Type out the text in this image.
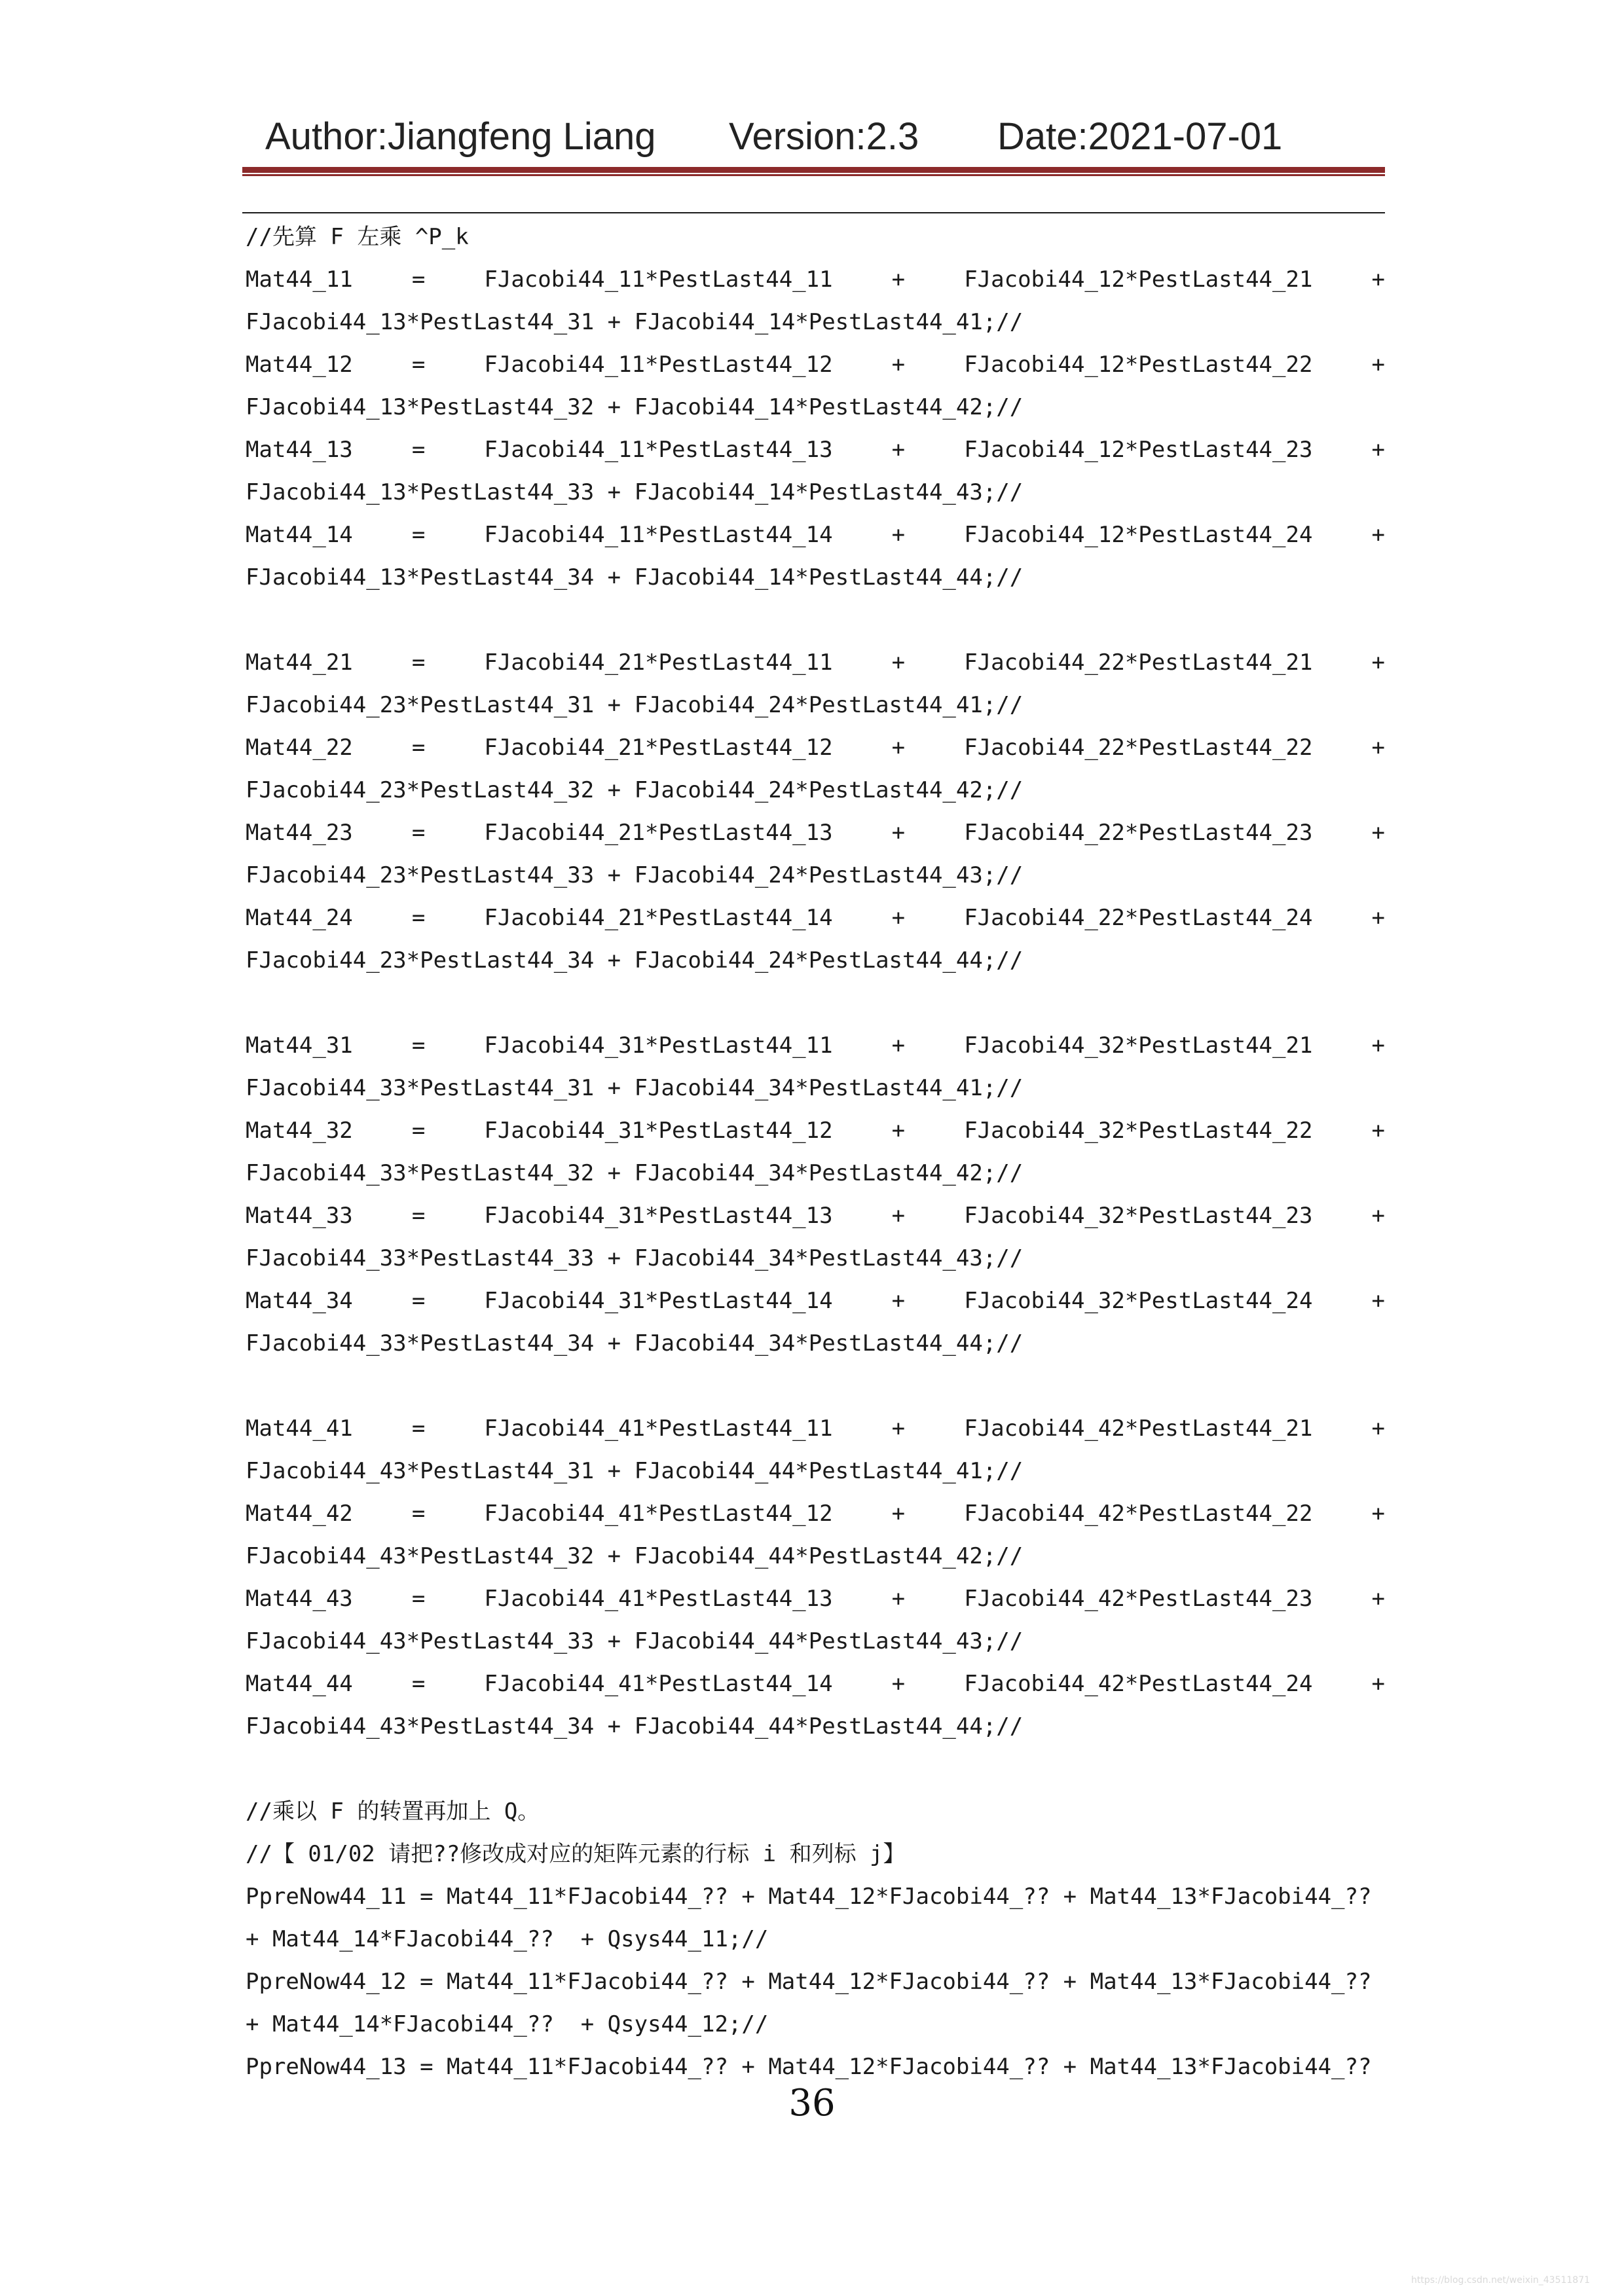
Author:Jiangfeng Liang Version:2.3 Date:2021-07-01
//先算 F 左乘 ^P_k
Mat44_11	=	FJacobi44_11*PestLast44_11	+	FJacobi44_12*PestLast44_21	+
FJacobi44_13*PestLast44_31 + FJacobi44_14*PestLast44_41;//
Mat44_12	=	FJacobi44_11*PestLast44_12	+	FJacobi44_12*PestLast44_22	+
FJacobi44_13*PestLast44_32 + FJacobi44_14*PestLast44_42;//
Mat44_13	=	FJacobi44_11*PestLast44_13	+	FJacobi44_12*PestLast44_23	+
FJacobi44_13*PestLast44_33 + FJacobi44_14*PestLast44_43;//
Mat44_14	=	FJacobi44_11*PestLast44_14	+	FJacobi44_12*PestLast44_24	+
FJacobi44_13*PestLast44_34 + FJacobi44_14*PestLast44_44;//
Mat44_21	=	FJacobi44_21*PestLast44_11	+	FJacobi44_22*PestLast44_21	+
FJacobi44_23*PestLast44_31 + FJacobi44_24*PestLast44_41;//
Mat44_22	=	FJacobi44_21*PestLast44_12	+	FJacobi44_22*PestLast44_22	+
FJacobi44_23*PestLast44_32 + FJacobi44_24*PestLast44_42;//
Mat44_23	=	FJacobi44_21*PestLast44_13	+	FJacobi44_22*PestLast44_23	+
FJacobi44_23*PestLast44_33 + FJacobi44_24*PestLast44_43;//
Mat44_24	=	FJacobi44_21*PestLast44_14	+	FJacobi44_22*PestLast44_24	+
FJacobi44_23*PestLast44_34 + FJacobi44_24*PestLast44_44;//
Mat44_31	=	FJacobi44_31*PestLast44_11	+	FJacobi44_32*PestLast44_21	+
FJacobi44_33*PestLast44_31 + FJacobi44_34*PestLast44_41;//
Mat44_32	=	FJacobi44_31*PestLast44_12	+	FJacobi44_32*PestLast44_22	+
FJacobi44_33*PestLast44_32 + FJacobi44_34*PestLast44_42;//
Mat44_33	=	FJacobi44_31*PestLast44_13	+	FJacobi44_32*PestLast44_23	+
FJacobi44_33*PestLast44_33 + FJacobi44_34*PestLast44_43;//
Mat44_34	=	FJacobi44_31*PestLast44_14	+	FJacobi44_32*PestLast44_24	+
FJacobi44_33*PestLast44_34 + FJacobi44_34*PestLast44_44;//
Mat44_41	=	FJacobi44_41*PestLast44_11	+	FJacobi44_42*PestLast44_21	+
FJacobi44_43*PestLast44_31 + FJacobi44_44*PestLast44_41;//
Mat44_42	=	FJacobi44_41*PestLast44_12	+	FJacobi44_42*PestLast44_22	+
FJacobi44_43*PestLast44_32 + FJacobi44_44*PestLast44_42;//
Mat44_43	=	FJacobi44_41*PestLast44_13	+	FJacobi44_42*PestLast44_23	+
FJacobi44_43*PestLast44_33 + FJacobi44_44*PestLast44_43;//
Mat44_44	=	FJacobi44_41*PestLast44_14	+	FJacobi44_42*PestLast44_24	+
FJacobi44_43*PestLast44_34 + FJacobi44_44*PestLast44_44;//
//乘以 F 的转置再加上 Q。
//【 01/02 请把??修改成对应的矩阵元素的行标 i 和列标 j】
PpreNow44_11 = Mat44_11*FJacobi44_?? + Mat44_12*FJacobi44_?? + Mat44_13*FJacobi44_??
+ Mat44_14*FJacobi44_??  + Qsys44_11;//
PpreNow44_12 = Mat44_11*FJacobi44_?? + Mat44_12*FJacobi44_?? + Mat44_13*FJacobi44_??
+ Mat44_14*FJacobi44_??  + Qsys44_12;//
PpreNow44_13 = Mat44_11*FJacobi44_?? + Mat44_12*FJacobi44_?? + Mat44_13*FJacobi44_??
36
https://blog.csdn.net/weixin_43511871
